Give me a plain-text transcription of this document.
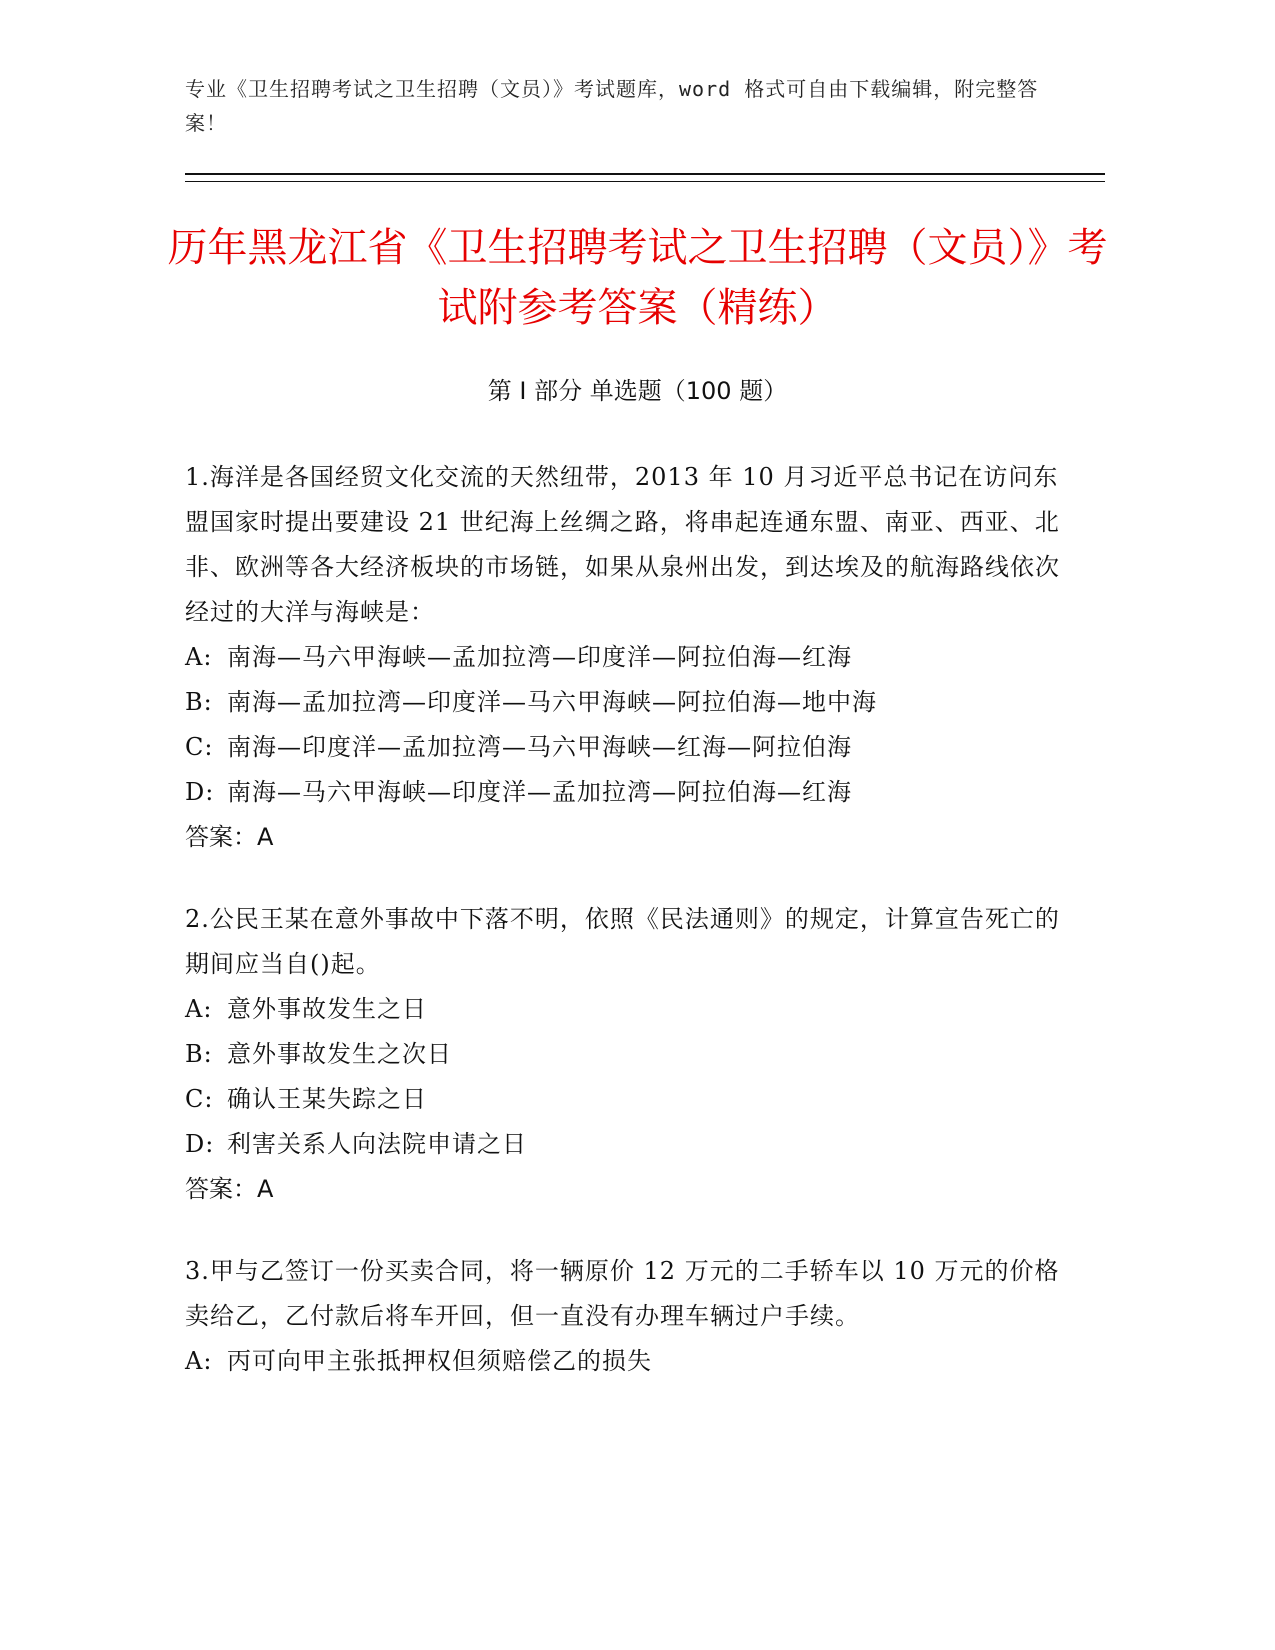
专业《卫生招聘考试之卫生招聘（文员）》考试题库，word 格式可自由下载编辑，附完整答案！
历年黑龙江省《卫生招聘考试之卫生招聘（文员）》考试附参考答案（精练）
第 I 部分 单选题（100 题）

1.海洋是各国经贸文化交流的天然纽带，2013 年 10 月习近平总书记在访问东盟国家时提出要建设 21 世纪海上丝绸之路，将串起连通东盟、南亚、西亚、北非、欧洲等各大经济板块的市场链，如果从泉州出发，到达埃及的航海路线依次经过的大洋与海峡是：

A: 南海—马六甲海峡—孟加拉湾—印度洋—阿拉伯海—红海

B: 南海—孟加拉湾—印度洋—马六甲海峡—阿拉伯海—地中海

C: 南海—印度洋—孟加拉湾—马六甲海峡—红海—阿拉伯海

D: 南海—马六甲海峡—印度洋—孟加拉湾—阿拉伯海—红海

答案：A

2.公民王某在意外事故中下落不明，依照《民法通则》的规定，计算宣告死亡的期间应当自()起。

A: 意外事故发生之日

B: 意外事故发生之次日

C: 确认王某失踪之日

D: 利害关系人向法院申请之日

答案：A

3.甲与乙签订一份买卖合同，将一辆原价 12 万元的二手轿车以 10 万元的价格卖给乙，乙付款后将车开回，但一直没有办理车辆过户手续。

A: 丙可向甲主张抵押权但须赔偿乙的损失
